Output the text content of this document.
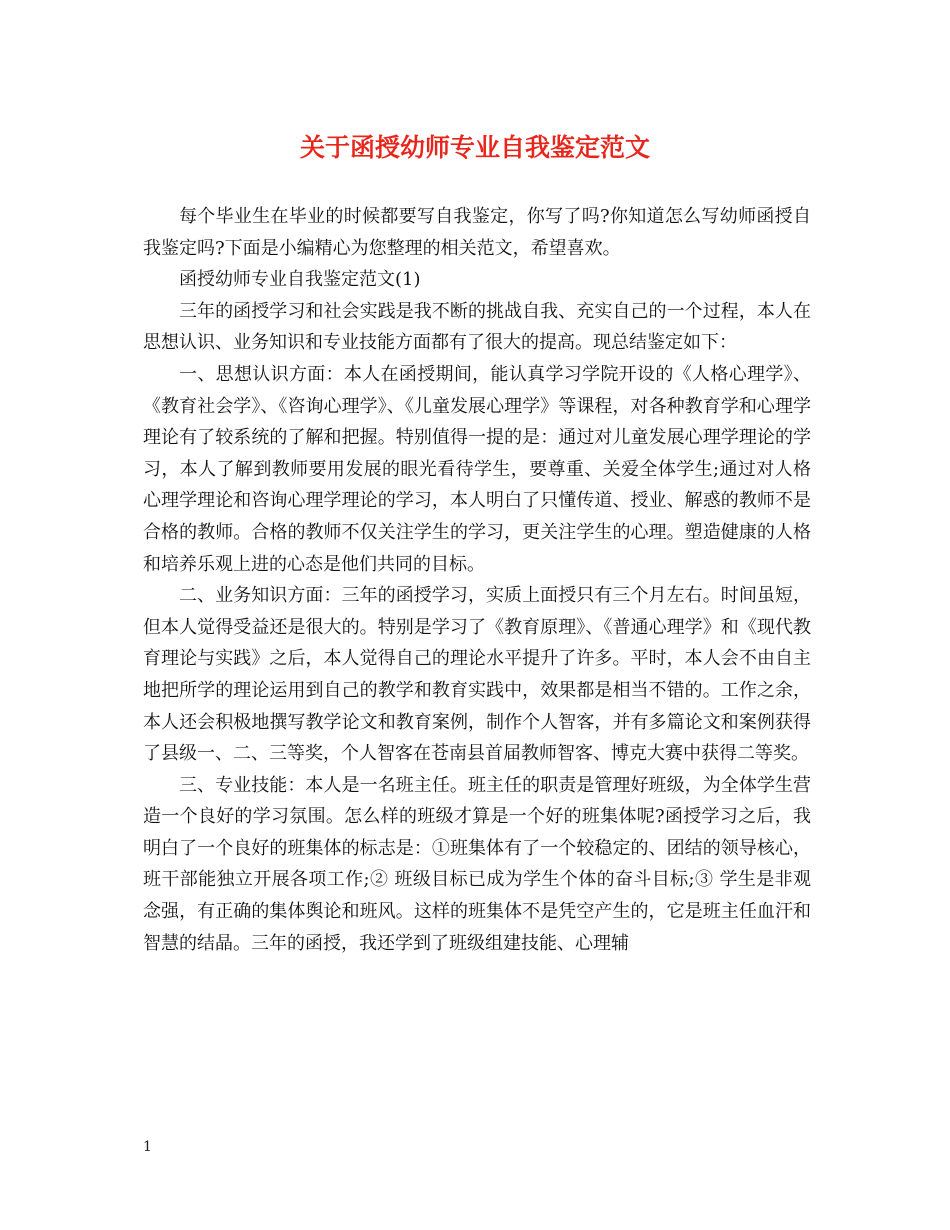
关于函授幼师专业自我鉴定范文

每个毕业生在毕业的时候都要写自我鉴定，你写了吗?你知道怎么写幼师函授自我鉴定吗?下面是小编精心为您整理的相关范文，希望喜欢。

函授幼师专业自我鉴定范文(1)

三年的函授学习和社会实践是我不断的挑战自我、充实自己的一个过程，本人在思想认识、业务知识和专业技能方面都有了很大的提高。现总结鉴定如下：

一、思想认识方面：本人在函授期间，能认真学习学院开设的《人格心理学》、《教育社会学》、《咨询心理学》、《儿童发展心理学》等课程，对各种教育学和心理学理论有了较系统的了解和把握。特别值得一提的是：通过对儿童发展心理学理论的学习，本人了解到教师要用发展的眼光看待学生，要尊重、关爱全体学生;通过对人格心理学理论和咨询心理学理论的学习，本人明白了只懂传道、授业、解惑的教师不是合格的教师。合格的教师不仅关注学生的学习，更关注学生的心理。塑造健康的人格和培养乐观上进的心态是他们共同的目标。

二、业务知识方面：三年的函授学习，实质上面授只有三个月左右。时间虽短，但本人觉得受益还是很大的。特别是学习了《教育原理》、《普通心理学》和《现代教育理论与实践》之后，本人觉得自己的理论水平提升了许多。平时，本人会不由自主地把所学的理论运用到自己的教学和教育实践中，效果都是相当不错的。工作之余，本人还会积极地撰写教学论文和教育案例，制作个人智客，并有多篇论文和案例获得了县级一、二、三等奖，个人智客在苍南县首届教师智客、博克大赛中获得二等奖。

三、专业技能：本人是一名班主任。班主任的职责是管理好班级，为全体学生营造一个良好的学习氛围。怎么样的班级才算是一个好的班集体呢?函授学习之后，我明白了一个良好的班集体的标志是：①班集体有了一个较稳定的、团结的领导核心，班干部能独立开展各项工作;② 班级目标已成为学生个体的奋斗目标;③ 学生是非观念强，有正确的集体舆论和班风。这样的班集体不是凭空产生的，它是班主任血汗和智慧的结晶。三年的函授，我还学到了班级组建技能、心理辅

1
